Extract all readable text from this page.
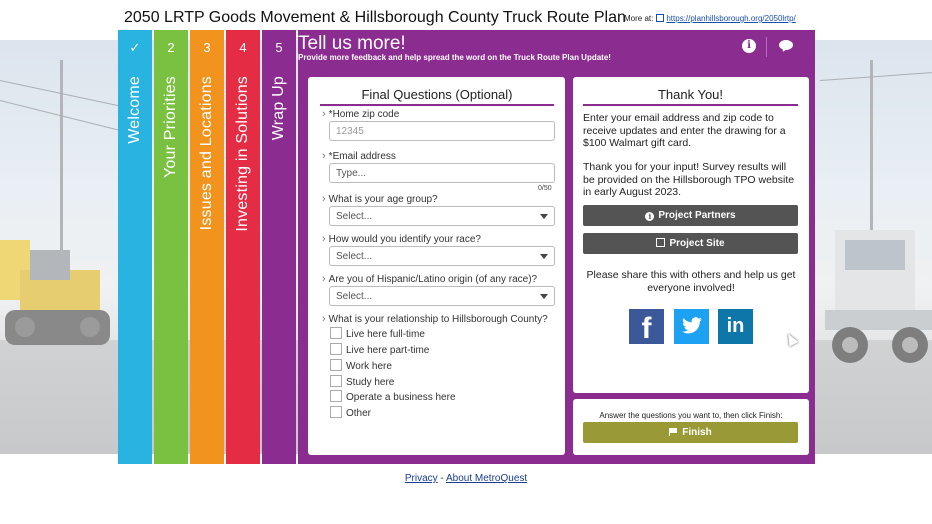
2050 LRTP Goods Movement & Hillsborough County Truck Route Plan
More at: https://planhillsborough.org/2050lrtp/
✓
Welcome
2
Your Priorities
3
Issues and Locations
4
Investing in Solutions
5
Wrap Up
Tell us more!
Provide more feedback and help spread the word on the Truck Route Plan Update!
i
Final Questions (Optional)
› *Home zip code
12345
› *Email address
Type...
0/50
› What is your age group?
Select...
› How would you identify your race?
Select...
› Are you of Hispanic/Latino origin (of any race)?
Select...
› What is your relationship to Hillsborough County?
Live here full-time
Live here part-time
Work here
Study here
Operate a business here
Other
Thank You!
Enter your email address and zip code to receive updates and enter the drawing for a $100 Walmart gift card.
Thank you for your input! Survey results will be provided on the Hillsborough TPO website in early August 2023.
i Project Partners
Project Site
Please share this with others and help us get everyone involved!
f	in
Answer the questions you want to, then click Finish:
Finish
Privacy - About MetroQuest
